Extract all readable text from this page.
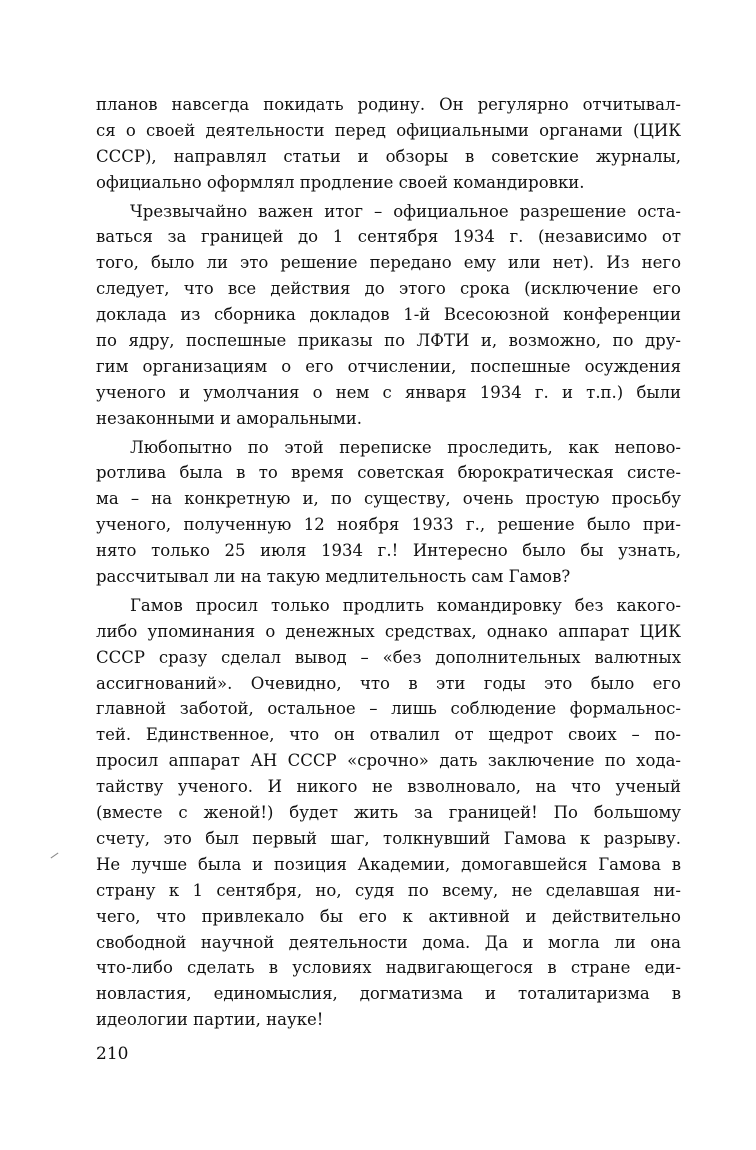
планов навсегда покидать родину. Он регулярно отчитывал-
ся о своей деятельности перед официальными органами (ЦИК
СССР), направлял статьи и обзоры в советские журналы,
официально оформлял продление своей командировки.
Чрезвычайно важен итог – официальное разрешение оста-
ваться за границей до 1 сентября 1934 г. (независимо от
того, было ли это решение передано ему или нет). Из него
следует, что все действия до этого срока (исключение его
доклада из сборника докладов 1-й Всесоюзной конференции
по ядру, поспешные приказы по ЛФТИ и, возможно, по дру-
гим организациям о его отчислении, поспешные осуждения
ученого и умолчания о нем с января 1934 г. и т.п.) были
незаконными и аморальными.
Любопытно по этой переписке проследить, как непово-
ротлива была в то время советская бюрократическая систе-
ма – на конкретную и, по существу, очень простую просьбу
ученого, полученную 12 ноября 1933 г., решение было при-
нято только 25 июля 1934 г.! Интересно было бы узнать,
рассчитывал ли на такую медлительность сам Гамов?
Гамов просил только продлить командировку без какого-
либо упоминания о денежных средствах, однако аппарат ЦИК
СССР сразу сделал вывод – «без дополнительных валютных
ассигнований». Очевидно, что в эти годы это было его
главной заботой, остальное – лишь соблюдение формальнос-
тей. Единственное, что он отвалил от щедрот своих – по-
просил аппарат АН СССР «срочно» дать заключение по хода-
тайству ученого. И никого не взволновало, на что ученый
(вместе с женой!) будет жить за границей! По большому
счету, это был первый шаг, толкнувший Гамова к разрыву.
Не лучше была и позиция Академии, домогавшейся Гамова в
страну к 1 сентября, но, судя по всему, не сделавшая ни-
чего, что привлекало бы его к активной и действительно
свободной научной деятельности дома. Да и могла ли она
что-либо сделать в условиях надвигающегося в стране еди-
новластия, единомыслия, догматизма и тоталитаризма в
идеологии партии, науке!
210
